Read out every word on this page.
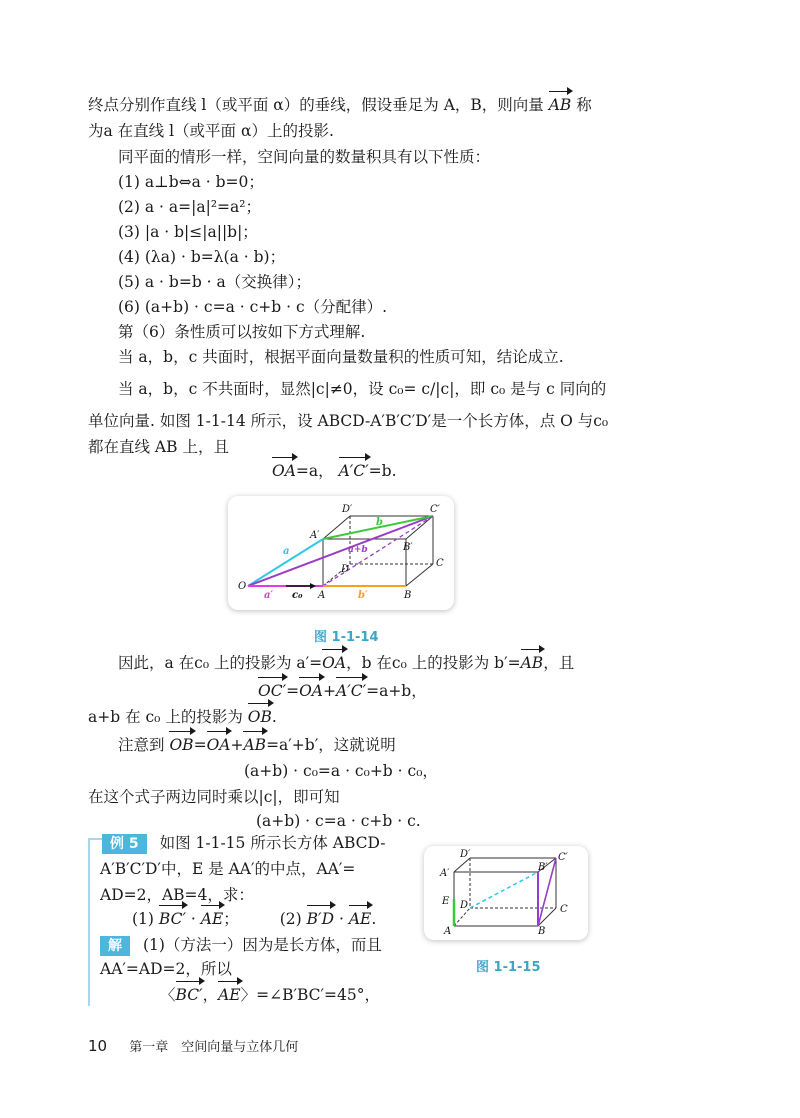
终点分别作直线 l（或平面 α）的垂线，假设垂足为 A，B，则向量 AB 称
为a 在直线 l（或平面 α）上的投影.
同平面的情形一样，空间向量的数量积具有以下性质：
(1) a⊥b⇔a · b=0；
(2) a · a=|a|²=a²；
(3) |a · b|≤|a||b|；
(4) (λa) · b=λ(a · b)；
(5) a · b=b · a（交换律）；
(6) (a+b) · c=a · c+b · c（分配律）.
第（6）条性质可以按如下方式理解.
当 a，b，c 共面时，根据平面向量数量积的性质可知，结论成立.
当 a，b，c 不共面时，显然|c|≠0，设 c₀= c/|c|，即 c₀ 是与 c 同向的
单位向量. 如图 1-1-14 所示，设 ABCD-A′B′C′D′是一个长方体，点 O 与c₀
都在直线 AB 上，且
OA=a， A′C′=b.
O
A	B
C
D
A′
B′
C′
D′
a
b
a+b
a′	b′
c₀
图 1-1-14
因此，a 在c₀ 上的投影为 a′=OA，b 在c₀ 上的投影为 b′=AB，且
OC′=OA+A′C′=a+b，
a+b 在 c₀ 上的投影为 OB.
注意到 OB=OA+AB=a′+b′，这就说明
(a+b) · c₀=a · c₀+b · c₀，
在这个式子两边同时乘以|c|，即可知
(a+b) · c=a · c+b · c.
例 5 如图 1-1-15 所示长方体 ABCD-
A′B′C′D′中，E 是 AA′的中点，AA′=
AD=2，AB=4，求：
(1) BC′ · AE；	(2) B′D · AE.
解 (1)（方法一）因为是长方体，而且
AA′=AD=2，所以
〈BC′，AE〉=∠B′BC′=45°，
A	B
C
D
A′
B′
C′
D′
E
图 1-1-15
10 第一章　空间向量与立体几何
